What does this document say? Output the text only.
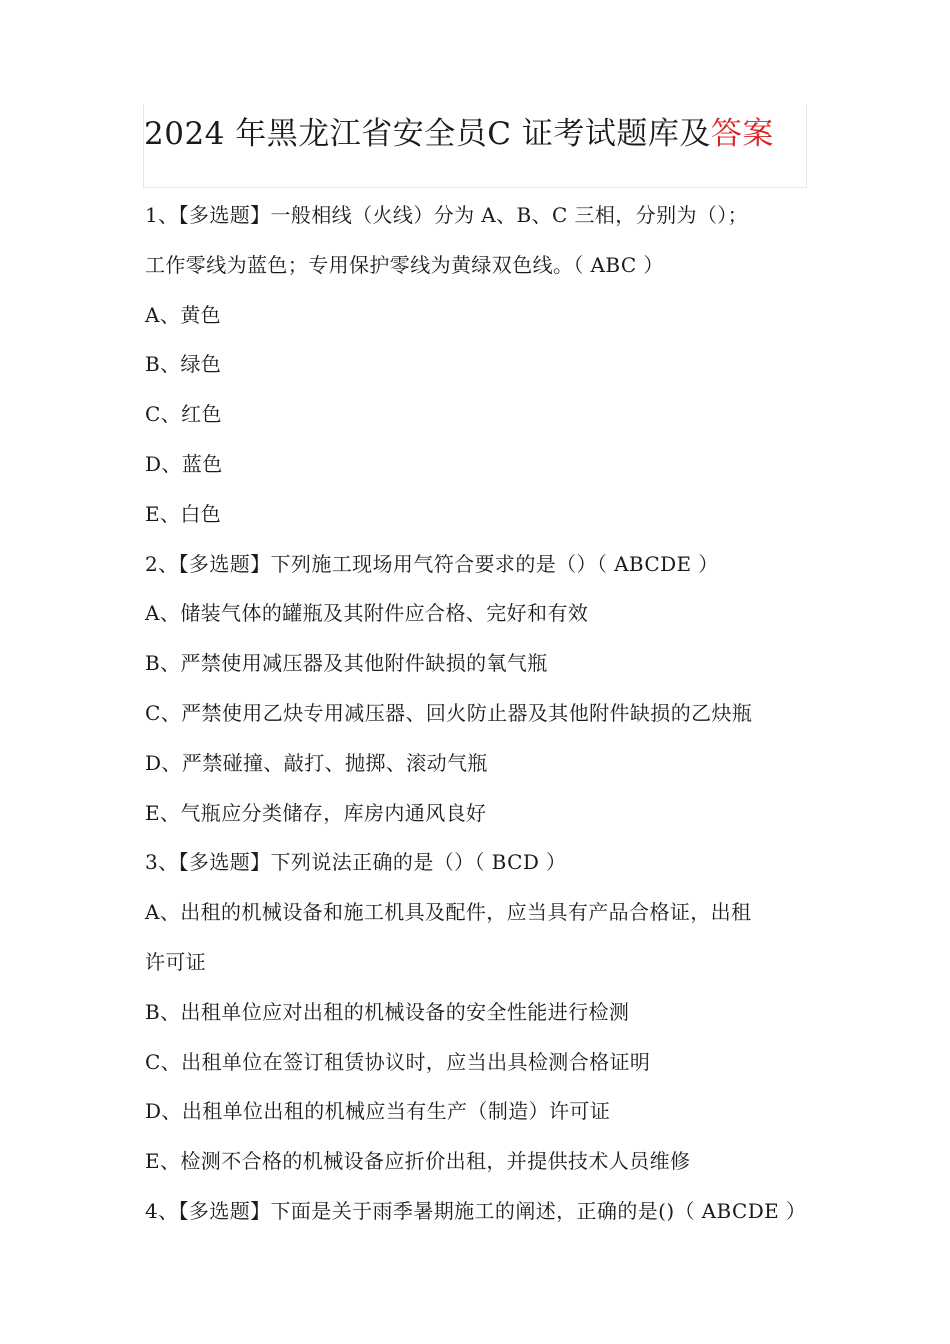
2024 年黑龙江省安全员C 证考试题库及答案
1、【多选题】一般相线（火线）分为 A、B、C 三相，分别为（）；
工作零线为蓝色；专用保护零线为黄绿双色线。（ ABC ）
A、黄色
B、绿色
C、红色
D、蓝色
E、白色
2、【多选题】下列施工现场用气符合要求的是（）（ ABCDE ）
A、储装气体的罐瓶及其附件应合格、完好和有效
B、严禁使用减压器及其他附件缺损的氧气瓶
C、严禁使用乙炔专用减压器、回火防止器及其他附件缺损的乙炔瓶
D、严禁碰撞、敲打、抛掷、滚动气瓶
E、气瓶应分类储存，库房内通风良好
3、【多选题】下列说法正确的是（）（ BCD ）
A、出租的机械设备和施工机具及配件，应当具有产品合格证，出租
许可证
B、出租单位应对出租的机械设备的安全性能进行检测
C、出租单位在签订租赁协议时，应当出具检测合格证明
D、出租单位出租的机械应当有生产（制造）许可证
E、检测不合格的机械设备应折价出租，并提供技术人员维修
4、【多选题】下面是关于雨季暑期施工的阐述，正确的是()（ ABCDE ）
